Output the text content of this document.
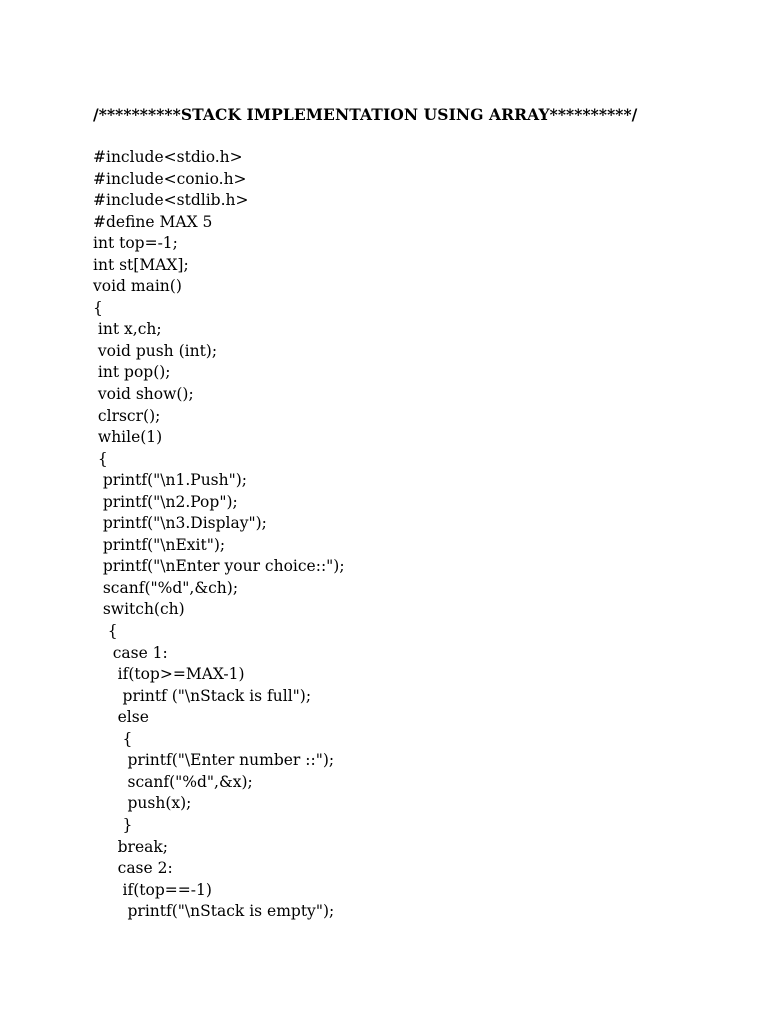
/**********STACK IMPLEMENTATION USING ARRAY**********/
#include<stdio.h>
#include<conio.h>
#include<stdlib.h>
#define MAX 5
int top=-1;
int st[MAX];
void main()
{
int x,ch;
void push (int);
int pop();
void show();
clrscr();
while(1)
{
printf("\n1.Push");
printf("\n2.Pop");
printf("\n3.Display");
printf("\nExit");
printf("\nEnter your choice::");
scanf("%d",&ch);
switch(ch)
{
case 1:
if(top>=MAX-1)
printf ("\nStack is full");
else
{
printf("\Enter number ::");
scanf("%d",&x);
push(x);
}
break;
case 2:
if(top==-1)
printf("\nStack is empty");
